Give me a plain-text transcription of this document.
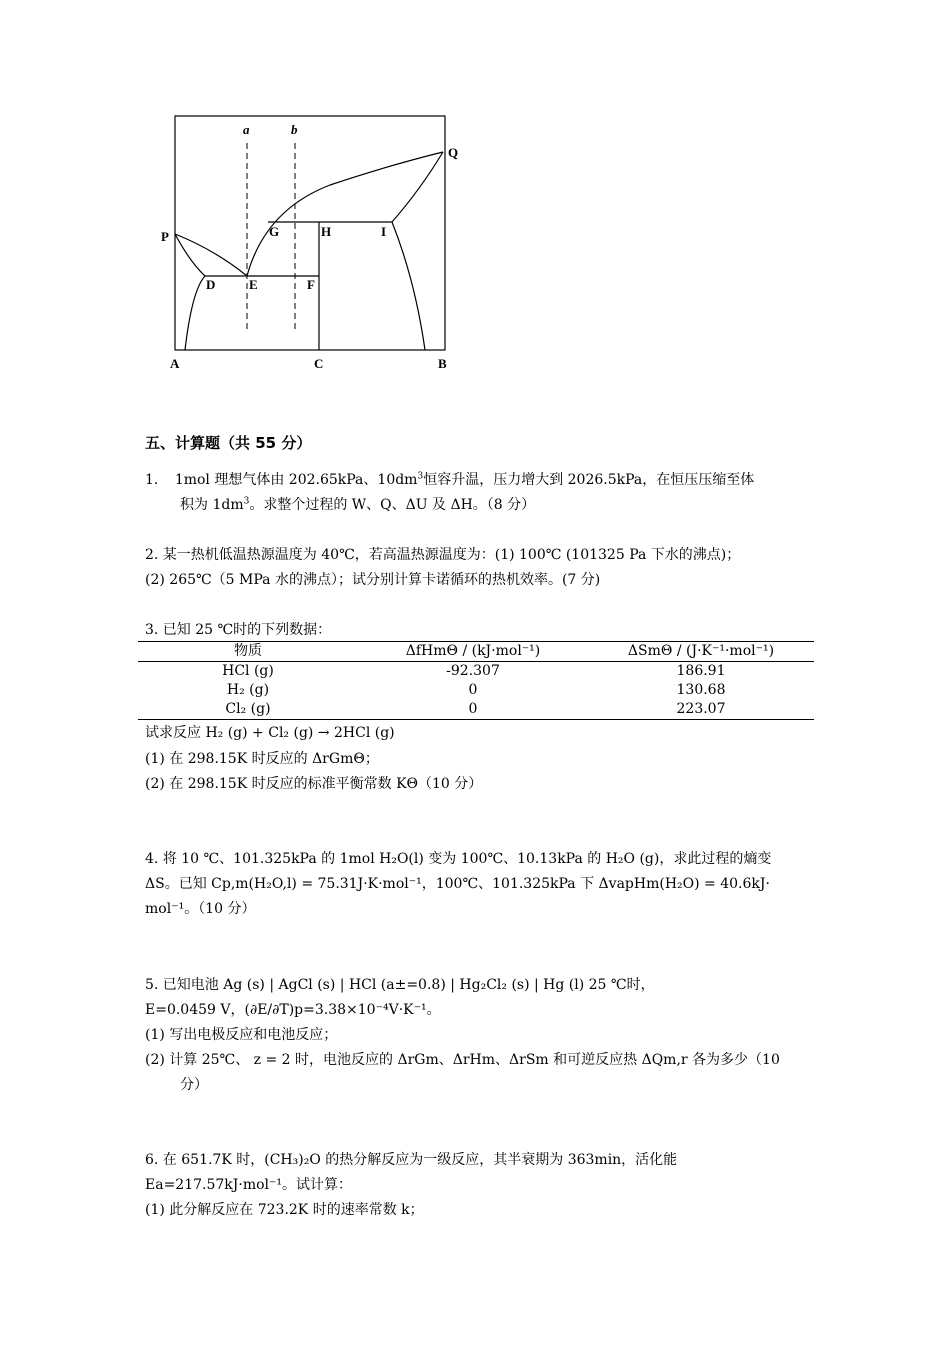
a	b
Q
P	G	H	I
D	E	F
A	C	B
五、计算题（共 55 分）
1. 1mol 理想气体由 202.65kPa、$10dm^3$恒容升温，压力增大到 2026.5kPa，在恒压压缩至体
积为 $1dm^3$。求整个过程的 W、Q、ΔU 及 ΔH。（8 分）
2. 某一热机低温热源温度为 40℃，若高温热源温度为：(1) 100℃ (101325 Pa 下水的沸点)；
(2) 265℃（5 MPa 水的沸点）；试分别计算卡诺循环的热机效率。(7 分)
3. 已知 25 ℃时的下列数据：
物质	ΔfHmΘ / (kJ·mol⁻¹)	ΔSmΘ / (J·K⁻¹·mol⁻¹)
HCl (g)	-92.307	186.91
H₂ (g)	0	130.68
Cl₂ (g)	0	223.07
试求反应 H₂ (g) + Cl₂ (g) → 2HCl (g)
(1) 在 298.15K 时反应的 ΔrGmΘ；
(2) 在 298.15K 时反应的标准平衡常数 KΘ（10 分）
4. 将 10 ℃、101.325kPa 的 1mol H₂O(l) 变为 100℃、10.13kPa 的 H₂O (g)，求此过程的熵变
ΔS。已知 Cp,m(H₂O,l) = 75.31J·K·mol⁻¹，100℃、101.325kPa 下 ΔvapHm(H₂O) = 40.6kJ·
mol⁻¹。（10 分）
5. 已知电池 Ag (s) | AgCl (s) | HCl (a±=0.8) | Hg₂Cl₂ (s) | Hg (l) 25 ℃时，
E=0.0459 V，(∂E/∂T)p=3.38×10⁻⁴V·K⁻¹。
(1) 写出电极反应和电池反应；
(2) 计算 25℃、 z = 2 时，电池反应的 ΔrGm、ΔrHm、ΔrSm 和可逆反应热 ΔQm,r 各为多少（10
分）
6. 在 651.7K 时，(CH₃)₂O 的热分解反应为一级反应，其半衰期为 363min，活化能
Ea=217.57kJ·mol⁻¹。试计算：
(1) 此分解反应在 723.2K 时的速率常数 k；
